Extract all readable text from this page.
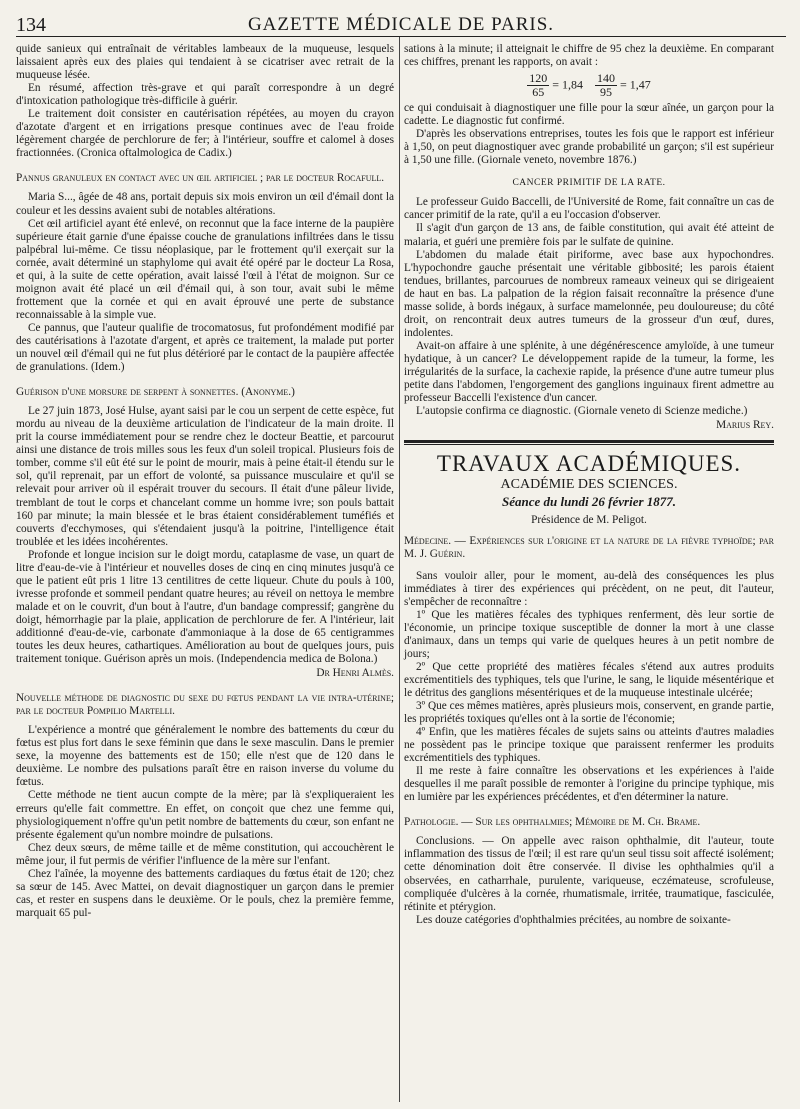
134	GAZETTE MÉDICALE DE PARIS.

quide sanieux qui entraînait de véritables lambeaux de la muqueuse, lesquels laissaient après eux des plaies qui tendaient à se cicatriser avec retrait de la muqueuse lésée.

En résumé, affection très-grave et qui paraît correspondre à un degré d'intoxication pathologique très-difficile à guérir.

Le traitement doit consister en cautérisation répétées, au moyen du crayon d'azotate d'argent et en irrigations presque continues avec de l'eau froide légèrement chargée de perchlorure de fer; à l'intérieur, souffre et calomel à doses fractionnées. (Cronica oftalmologica de Cadix.)

Pannus granuleux en contact avec un œil artificiel ; par le docteur Rocafull.

Maria S..., âgée de 48 ans, portait depuis six mois environ un œil d'émail dont la couleur et les dessins avaient subi de notables altérations.

Cet œil artificiel ayant été enlevé, on reconnut que la face interne de la paupière supérieure était garnie d'une épaisse couche de granulations infiltrées dans le tissu palpébral lui-même. Ce tissu néoplasique, par le frottement qu'il exerçait sur la cornée, avait déterminé un staphylome qui avait été opéré par le docteur La Rosa, et qui, à la suite de cette opération, avait laissé l'œil à l'état de moignon. Sur ce moignon avait été placé un œil d'émail qui, à son tour, avait subi le même frottement que la cornée et qui en avait éprouvé une perte de substance reconnaissable à la simple vue.

Ce pannus, que l'auteur qualifie de trocomatosus, fut profondément modifié par des cautérisations à l'azotate d'argent, et après ce traitement, la malade put porter un nouvel œil d'émail qui ne fut plus détérioré par le contact de la paupière affectée de granulations. (Idem.)

Guérison d'une morsure de serpent à sonnettes. (Anonyme.)

Le 27 juin 1873, José Hulse, ayant saisi par le cou un serpent de cette espèce, fut mordu au niveau de la deuxième articulation de l'indicateur de la main droite. Il prit la course immédiatement pour se rendre chez le docteur Beattie, et parcourut ainsi une distance de trois milles sous les feux d'un soleil tropical. Plusieurs fois de tomber, comme s'il eût été sur le point de mourir, mais à peine était-il étendu sur le sol, qu'il reprenait, par un effort de volonté, sa puissance musculaire et qu'il se relevait pour arriver où il espérait trouver du secours. Il était d'une pâleur livide, tremblant de tout le corps et chancelant comme un homme ivre; son pouls battait 160 par minute; la main blessée et le bras étaient considérablement tuméfiés et couverts d'ecchymoses, qui s'étendaient jusqu'à la poitrine, l'intelligence était troublée et les idées incohérentes.

Profonde et longue incision sur le doigt mordu, cataplasme de vase, un quart de litre d'eau-de-vie à l'intérieur et nouvelles doses de cinq en cinq minutes jusqu'à ce que le patient eût pris 1 litre 13 centilitres de cette liqueur. Chute du pouls à 100, ivresse profonde et sommeil pendant quatre heures; au réveil on nettoya le membre malade et on le couvrit, d'un bout à l'autre, d'un bandage compressif; gangrène du doigt, hémorrhagie par la plaie, application de perchlorure de fer. A l'intérieur, lait additionné d'eau-de-vie, carbonate d'ammoniaque à la dose de 65 centigrammes toutes les deux heures, cathartiques. Amélioration au bout de quelques jours, puis traitement tonique. Guérison après un mois. (Independencia medica de Bolona.)

Dr Henri Almès.

Nouvelle méthode de diagnostic du sexe du fœtus pendant la vie intra-utérine; par le docteur Pompilio Martelli.

L'expérience a montré que généralement le nombre des battements du cœur du fœtus est plus fort dans le sexe féminin que dans le sexe masculin. Dans le premier sexe, la moyenne des battements est de 150; elle n'est que de 120 dans le deuxième. Le nombre des pulsations paraît être en raison inverse du volume du fœtus.

Cette méthode ne tient aucun compte de la mère; par là s'expliqueraient les erreurs qu'elle fait commettre. En effet, on conçoit que chez une femme qui, physiologiquement n'offre qu'un petit nombre de battements du cœur, son enfant ne présente également qu'un nombre moindre de pulsations.

Chez deux sœurs, de même taille et de même constitution, qui accouchèrent le même jour, il fut permis de vérifier l'influence de la mère sur l'enfant.

Chez l'aînée, la moyenne des battements cardiaques du fœtus était de 120; chez sa sœur de 145. Avec Mattei, on devait diagnostiquer un garçon dans le premier cas, et rester en suspens dans le deuxième. Or le pouls, chez la première femme, marquait 65 pul-

sations à la minute; il atteignait le chiffre de 95 chez la deuxième. En comparant ces chiffres, prenant les rapports, on avait :

$\frac{120}{65} = 1,84 \frac{140}{95} = 1,47$

ce qui conduisait à diagnostiquer une fille pour la sœur aînée, un garçon pour la cadette. Le diagnostic fut confirmé.

D'après les observations entreprises, toutes les fois que le rapport est inférieur à 1,50, on peut diagnostiquer avec grande probabilité un garçon; s'il est supérieur à 1,50 une fille. (Giornale veneto, novembre 1876.)

CANCER PRIMITIF DE LA RATE.

Le professeur Guido Baccelli, de l'Université de Rome, fait connaître un cas de cancer primitif de la rate, qu'il a eu l'occasion d'observer.

Il s'agit d'un garçon de 13 ans, de faible constitution, qui avait été atteint de malaria, et guéri une première fois par le sulfate de quinine.

L'abdomen du malade était piriforme, avec base aux hypochondres. L'hypochondre gauche présentait une véritable gibbosité; les parois étaient tendues, brillantes, parcourues de nombreux rameaux veineux qui se dirigeaient de haut en bas. La palpation de la région faisait reconnaître la présence d'une masse solide, à bords inégaux, à surface mamelonnée, peu douloureuse; du côté droit, on rencontrait deux autres tumeurs de la grosseur d'un œuf, dures, indolentes.

Avait-on affaire à une splénite, à une dégénérescence amyloïde, à une tumeur hydatique, à un cancer? Le développement rapide de la tumeur, la forme, les irrégularités de la surface, la cachexie rapide, la présence d'une autre tumeur plus petite dans l'abdomen, l'engorgement des ganglions inguinaux firent admettre au professeur Baccelli l'existence d'un cancer.

L'autopsie confirma ce diagnostic. (Giornale veneto di Scienze mediche.)

Marius Rey.

TRAVAUX ACADÉMIQUES.

ACADÉMIE DES SCIENCES.

Séance du lundi 26 février 1877.

Présidence de M. Peligot.

Médecine. — Expériences sur l'origine et la nature de la fièvre typhoïde; par M. J. Guérin.

Sans vouloir aller, pour le moment, au-delà des conséquences les plus immédiates à tirer des expériences qui précèdent, on ne peut, dit l'auteur, s'empêcher de reconnaître :

1º Que les matières fécales des typhiques renferment, dès leur sortie de l'économie, un principe toxique susceptible de donner la mort à une classe d'animaux, dans un temps qui varie de quelques heures à un petit nombre de jours;

2º Que cette propriété des matières fécales s'étend aux autres produits excrémentitiels des typhiques, tels que l'urine, le sang, le liquide mésentérique et le détritus des ganglions mésentériques et de la muqueuse intestinale ulcérée;

3º Que ces mêmes matières, après plusieurs mois, conservent, en grande partie, les propriétés toxiques qu'elles ont à la sortie de l'économie;

4º Enfin, que les matières fécales de sujets sains ou atteints d'autres maladies ne possèdent pas le principe toxique que paraissent renfermer les produits excrémentitiels des typhiques.

Il me reste à faire connaître les observations et les expériences à l'aide desquelles il me paraît possible de remonter à l'origine du principe typhique, mis en lumière par les expériences précédentes, et d'en déterminer la nature.

Pathologie. — Sur les ophthalmies; Mémoire de M. Ch. Brame.

Conclusions. — On appelle avec raison ophthalmie, dit l'auteur, toute inflammation des tissus de l'œil; il est rare qu'un seul tissu soit affecté isolément; cette dénomination doit être conservée. Il divise les ophthalmies qu'il a observées, en catharrhale, purulente, variqueuse, eczémateuse, scrofuleuse, compliquée d'ulcères à la cornée, rhumatismale, irritée, traumatique, fasciculée, rétinite et ptérygion.

Les douze catégories d'ophthalmies précitées, au nombre de soixante-
